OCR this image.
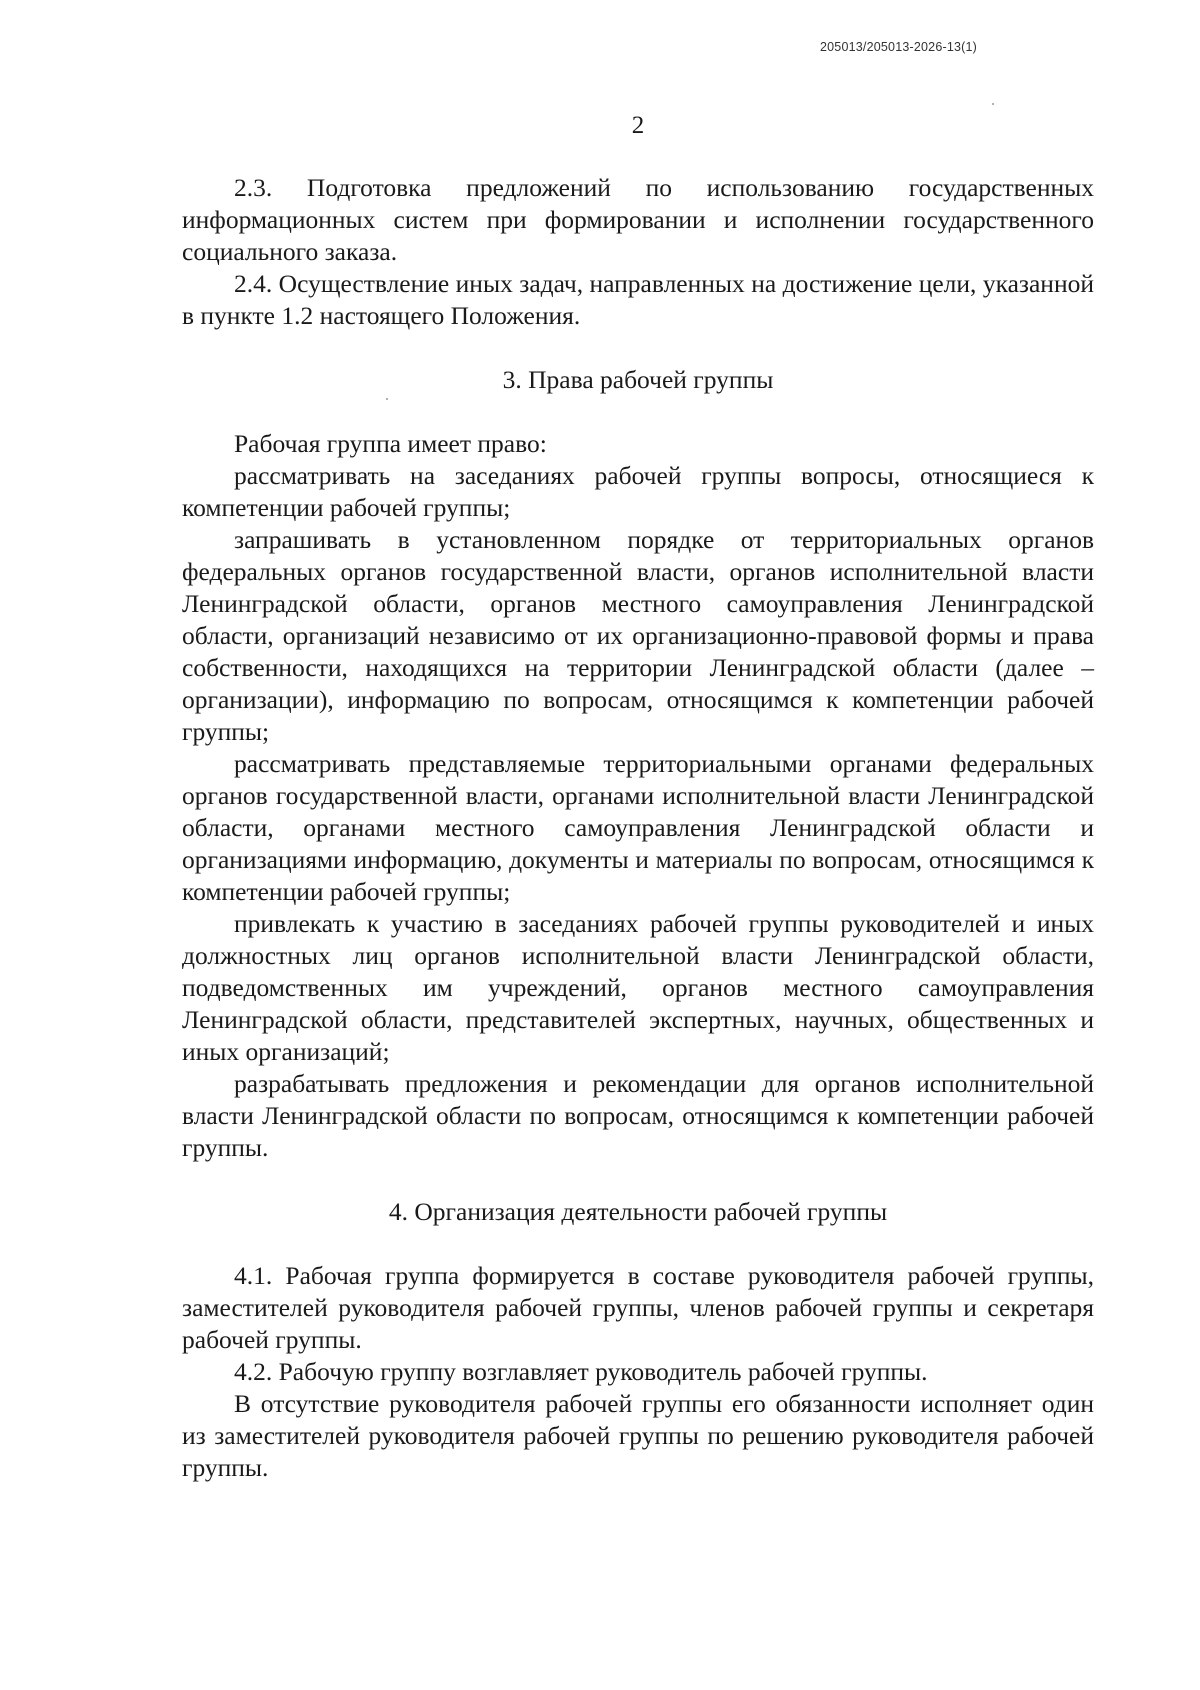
205013/205013-2026-13(1)
2

2.3. Подготовка предложений по использованию государственных информационных систем при формировании и исполнении государственного социального заказа.

2.4. Осуществление иных задач, направленных на достижение цели, указанной в пункте 1.2 настоящего Положения.

3. Права рабочей группы

Рабочая группа имеет право:

рассматривать на заседаниях рабочей группы вопросы, относящиеся к компетенции рабочей группы;

запрашивать в установленном порядке от территориальных органов федеральных органов государственной власти, органов исполнительной власти Ленинградской области, органов местного самоуправления Ленинградской области, организаций независимо от их организационно-правовой формы и права собственности, находящихся на территории Ленинградской области (далее – организации), информацию по вопросам, относящимся к компетенции рабочей группы;

рассматривать представляемые территориальными органами федеральных органов государственной власти, органами исполнительной власти Ленинградской области, органами местного самоуправления Ленинградской области и организациями информацию, документы и материалы по вопросам, относящимся к компетенции рабочей группы;

привлекать к участию в заседаниях рабочей группы руководителей и иных должностных лиц органов исполнительной власти Ленинградской области, подведомственных им учреждений, органов местного самоуправления Ленинградской области, представителей экспертных, научных, общественных и иных организаций;

разрабатывать предложения и рекомендации для органов исполнительной власти Ленинградской области по вопросам, относящимся к компетенции рабочей группы.

4. Организация деятельности рабочей группы

4.1. Рабочая группа формируется в составе руководителя рабочей группы, заместителей руководителя рабочей группы, членов рабочей группы и секретаря рабочей группы.

4.2. Рабочую группу возглавляет руководитель рабочей группы.

В отсутствие руководителя рабочей группы его обязанности исполняет один из заместителей руководителя рабочей группы по решению руководителя рабочей группы.
